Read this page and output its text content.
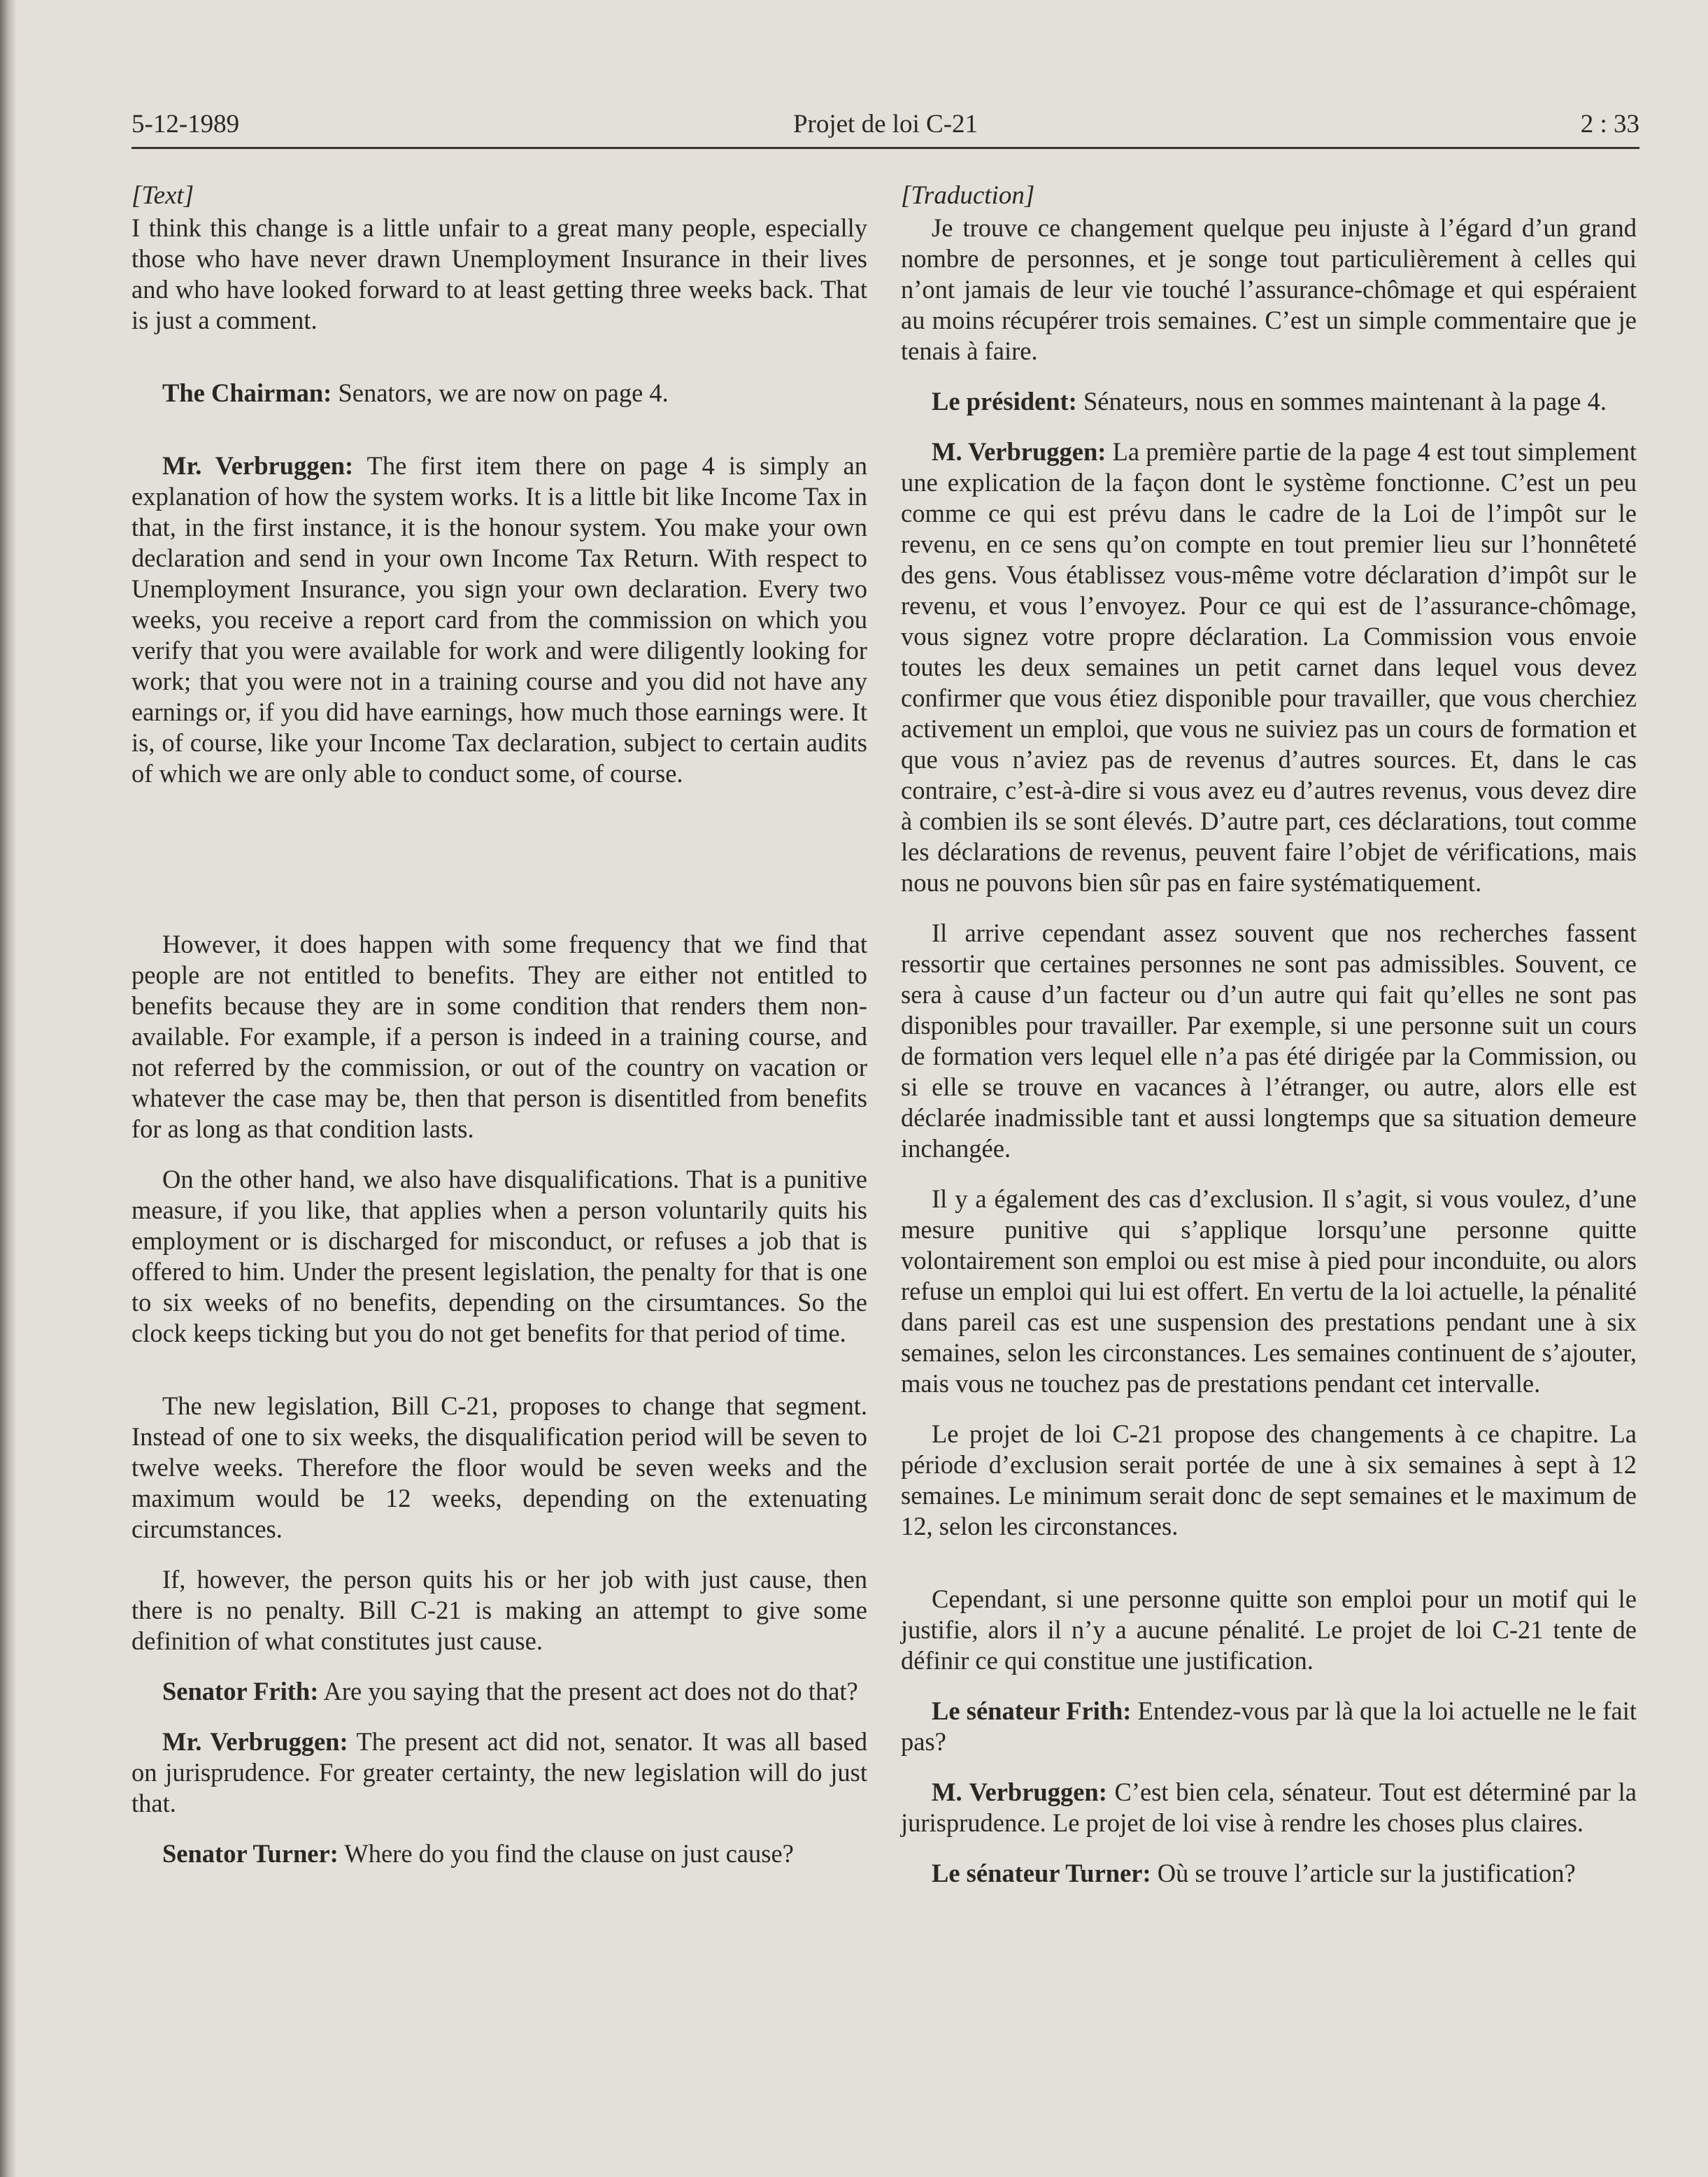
5-12-1989	Projet de loi C-21	2 : 33

[Text]

I think this change is a little unfair to a great many people, especially those who have never drawn Unemployment Insurance in their lives and who have looked forward to at least getting three weeks back. That is just a comment.

The Chairman: Senators, we are now on page 4.

Mr. Verbruggen: The first item there on page 4 is simply an explanation of how the system works. It is a little bit like Income Tax in that, in the first instance, it is the honour system. You make your own declaration and send in your own Income Tax Return. With respect to Unemployment Insurance, you sign your own declaration. Every two weeks, you receive a report card from the commission on which you verify that you were available for work and were diligently looking for work; that you were not in a training course and you did not have any earnings or, if you did have earnings, how much those earnings were. It is, of course, like your Income Tax declaration, subject to certain audits of which we are only able to conduct some, of course.

However, it does happen with some frequency that we find that people are not entitled to benefits. They are either not entitled to benefits because they are in some condition that renders them non-available. For example, if a person is indeed in a training course, and not referred by the commission, or out of the country on vacation or whatever the case may be, then that person is disentitled from benefits for as long as that condition lasts.

On the other hand, we also have disqualifications. That is a punitive measure, if you like, that applies when a person voluntarily quits his employment or is discharged for misconduct, or refuses a job that is offered to him. Under the present legislation, the penalty for that is one to six weeks of no benefits, depending on the cirsumtances. So the clock keeps ticking but you do not get benefits for that period of time.

The new legislation, Bill C-21, proposes to change that segment. Instead of one to six weeks, the disqualification period will be seven to twelve weeks. Therefore the floor would be seven weeks and the maximum would be 12 weeks, depending on the extenuating circumstances.

If, however, the person quits his or her job with just cause, then there is no penalty. Bill C-21 is making an attempt to give some definition of what constitutes just cause.

Senator Frith: Are you saying that the present act does not do that?

Mr. Verbruggen: The present act did not, senator. It was all based on jurisprudence. For greater certainty, the new legislation will do just that.

Senator Turner: Where do you find the clause on just cause?

[Traduction]

Je trouve ce changement quelque peu injuste à l’égard d’un grand nombre de personnes, et je songe tout particulièrement à celles qui n’ont jamais de leur vie touché l’assurance-chômage et qui espéraient au moins récupérer trois semaines. C’est un simple commentaire que je tenais à faire.

Le président: Sénateurs, nous en sommes maintenant à la page 4.

M. Verbruggen: La première partie de la page 4 est tout simplement une explication de la façon dont le système fonctionne. C’est un peu comme ce qui est prévu dans le cadre de la Loi de l’impôt sur le revenu, en ce sens qu’on compte en tout premier lieu sur l’honnêteté des gens. Vous établissez vous-même votre déclaration d’impôt sur le revenu, et vous l’envoyez. Pour ce qui est de l’assurance-chômage, vous signez votre propre déclaration. La Commission vous envoie toutes les deux semaines un petit carnet dans lequel vous devez confirmer que vous étiez disponible pour travailler, que vous cherchiez activement un emploi, que vous ne suiviez pas un cours de formation et que vous n’aviez pas de revenus d’autres sources. Et, dans le cas contraire, c’est-à-dire si vous avez eu d’autres revenus, vous devez dire à combien ils se sont élevés. D’autre part, ces déclarations, tout comme les déclarations de revenus, peuvent faire l’objet de vérifications, mais nous ne pouvons bien sûr pas en faire systématiquement.

Il arrive cependant assez souvent que nos recherches fassent ressortir que certaines personnes ne sont pas admissibles. Souvent, ce sera à cause d’un facteur ou d’un autre qui fait qu’elles ne sont pas disponibles pour travailler. Par exemple, si une personne suit un cours de formation vers lequel elle n’a pas été dirigée par la Commission, ou si elle se trouve en vacances à l’étranger, ou autre, alors elle est déclarée inadmissible tant et aussi longtemps que sa situation demeure inchangée.

Il y a également des cas d’exclusion. Il s’agit, si vous voulez, d’une mesure punitive qui s’applique lorsqu’une personne quitte volontairement son emploi ou est mise à pied pour inconduite, ou alors refuse un emploi qui lui est offert. En vertu de la loi actuelle, la pénalité dans pareil cas est une suspension des prestations pendant une à six semaines, selon les circonstances. Les semaines continuent de s’ajouter, mais vous ne touchez pas de prestations pendant cet intervalle.

Le projet de loi C-21 propose des changements à ce chapitre. La période d’exclusion serait portée de une à six semaines à sept à 12 semaines. Le minimum serait donc de sept semaines et le maximum de 12, selon les circonstances.

Cependant, si une personne quitte son emploi pour un motif qui le justifie, alors il n’y a aucune pénalité. Le projet de loi C-21 tente de définir ce qui constitue une justification.

Le sénateur Frith: Entendez-vous par là que la loi actuelle ne le fait pas?

M. Verbruggen: C’est bien cela, sénateur. Tout est déterminé par la jurisprudence. Le projet de loi vise à rendre les choses plus claires.

Le sénateur Turner: Où se trouve l’article sur la justification?
